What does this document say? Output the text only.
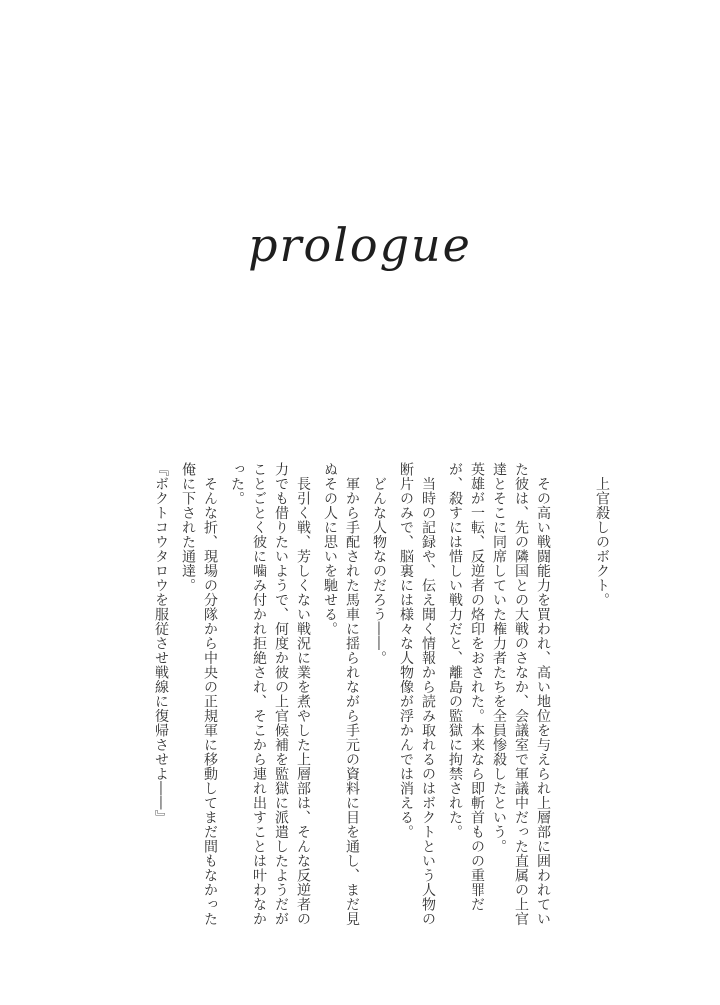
prologue

　上官殺しのボクト。

　その高い戦闘能力を買われ、高い地位を与えられ上層部に囲われていた彼は、先の隣国との大戦のさなか、会議室で軍議中だった直属の上官達とそこに同席していた権力者たちを全員惨殺したという。

英雄が一転、反逆者の烙印をおされた。本来なら即斬首ものの重罪だが、殺すには惜しい戦力だと、離島の監獄に拘禁された。

　当時の記録や、伝え聞く情報から読み取れるのはボクトという人物の断片のみで、脳裏には様々な人物像が浮かんでは消える。

　どんな人物なのだろう――。

　軍から手配された馬車に揺られながら手元の資料に目を通し、まだ見ぬその人に思いを馳せる。

　長引く戦、芳しくない戦況に業を煮やした上層部は、そんな反逆者の力でも借りたいようで、何度か彼の上官候補を監獄に派遣したようだがことごとく彼に噛み付かれ拒絶され、そこから連れ出すことは叶わなかった。

　そんな折、現場の分隊から中央の正規軍に移動してまだ間もなかった俺に下された通達。

『ボクトコウタロウを服従させ戦線に復帰させよ――』
